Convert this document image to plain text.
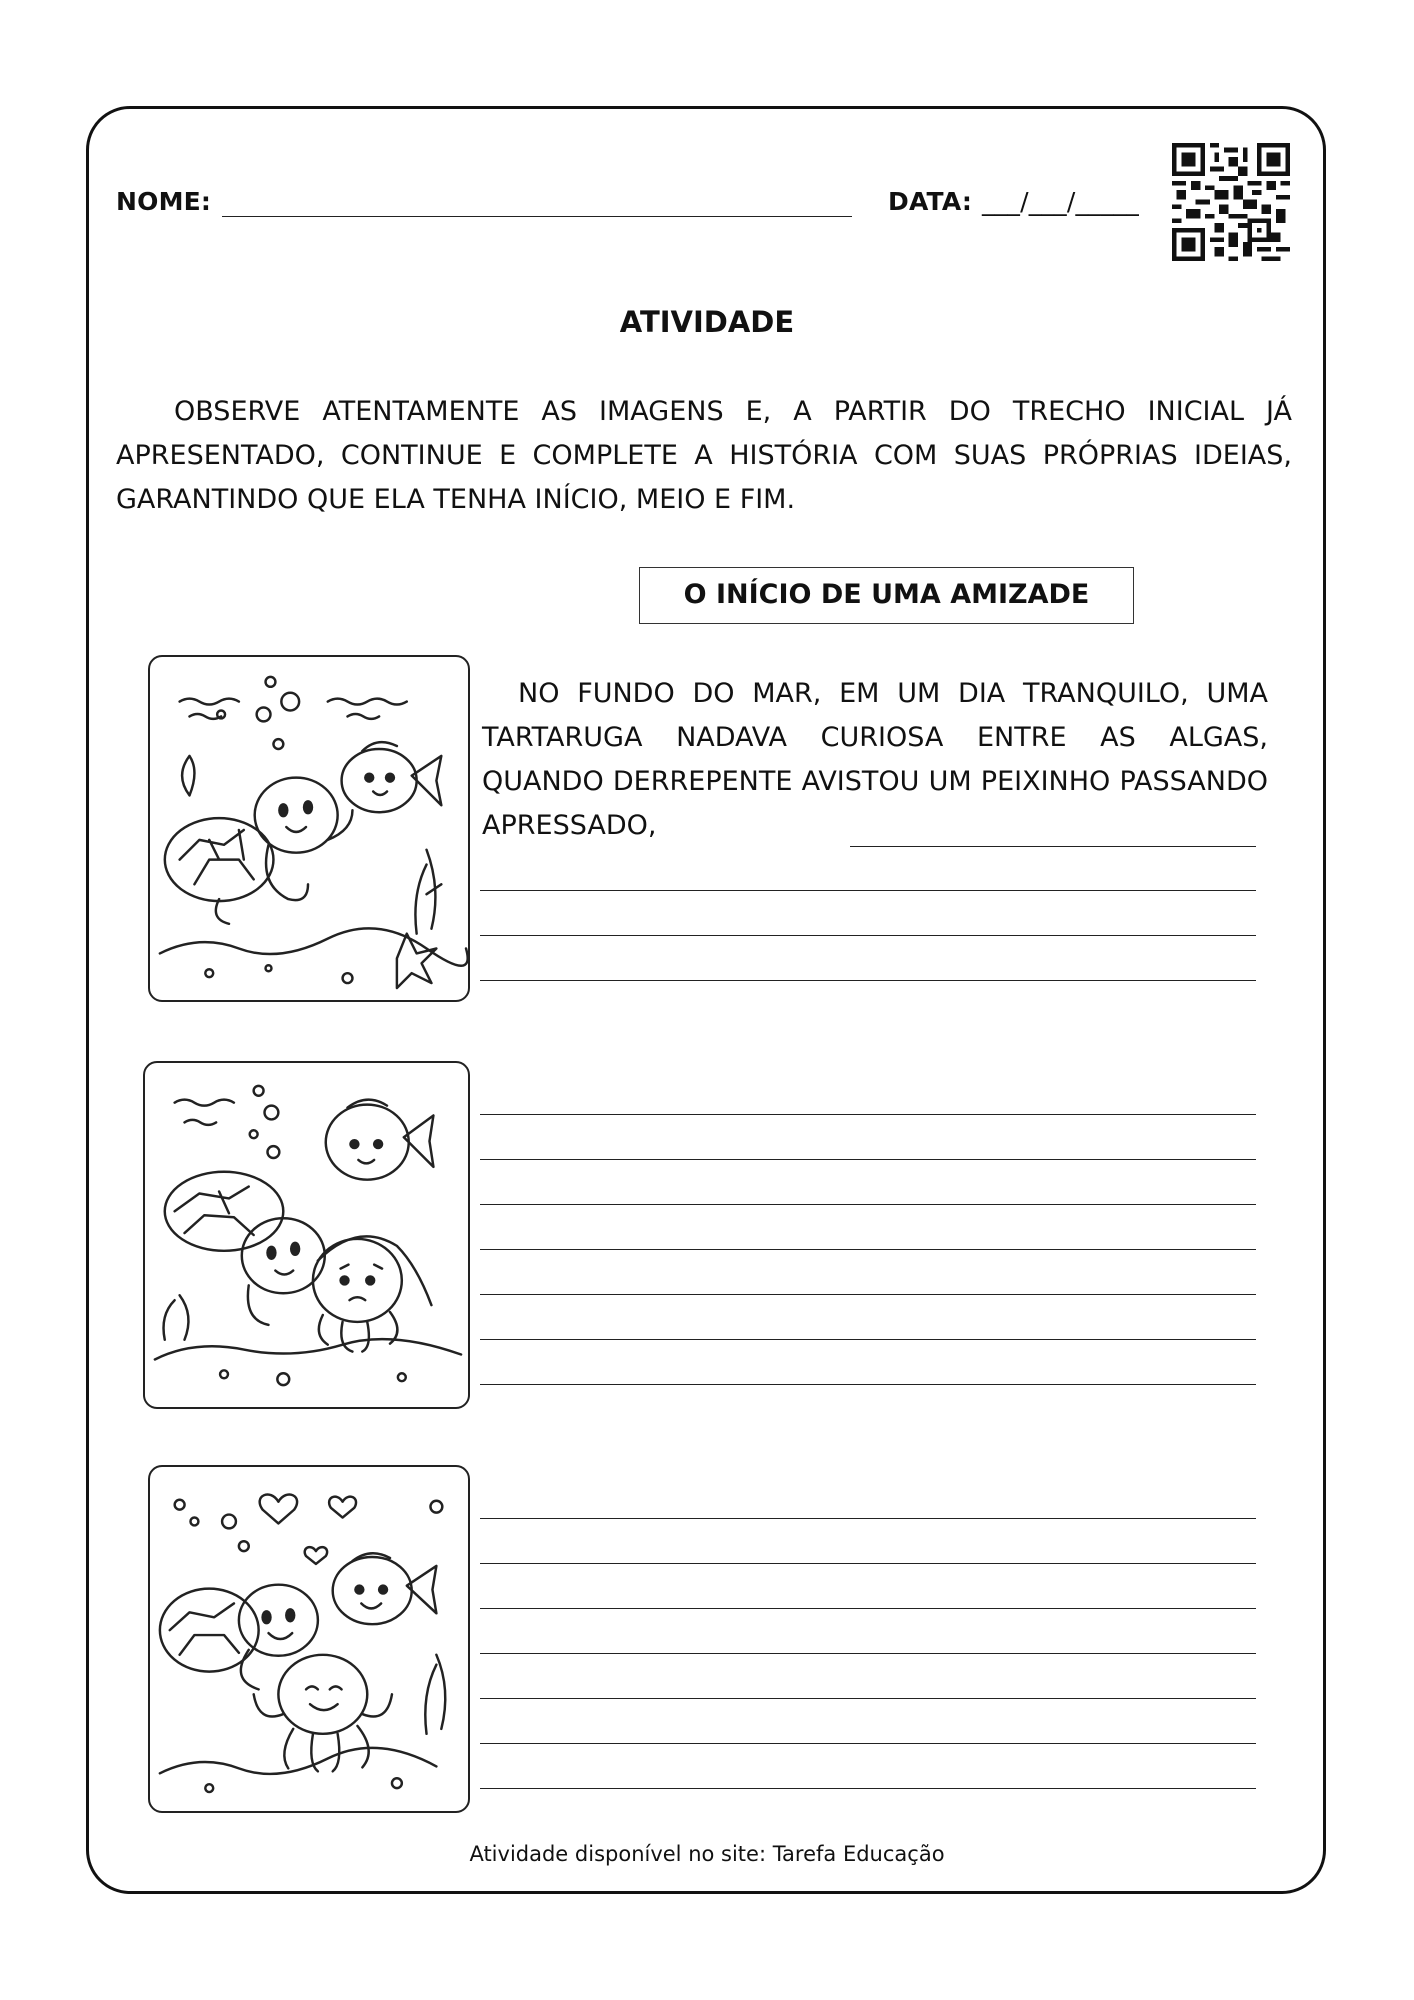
NOME:	DATA: ___/___/_____
ATIVIDADE
OBSERVE ATENTAMENTE AS IMAGENS E, A PARTIR DO TRECHO INICIAL JÁ APRESENTADO, CONTINUE E COMPLETE A HISTÓRIA COM SUAS PRÓPRIAS IDEIAS, GARANTINDO QUE ELA TENHA INÍCIO, MEIO E FIM.
O INÍCIO DE UMA AMIZADE
NO FUNDO DO MAR, EM UM DIA TRANQUILO, UMA TARTARUGA NADAVA CURIOSA ENTRE AS ALGAS, QUANDO DERREPENTE AVISTOU UM PEIXINHO PASSANDO APRESSADO,
Atividade disponível no site: Tarefa Educação
